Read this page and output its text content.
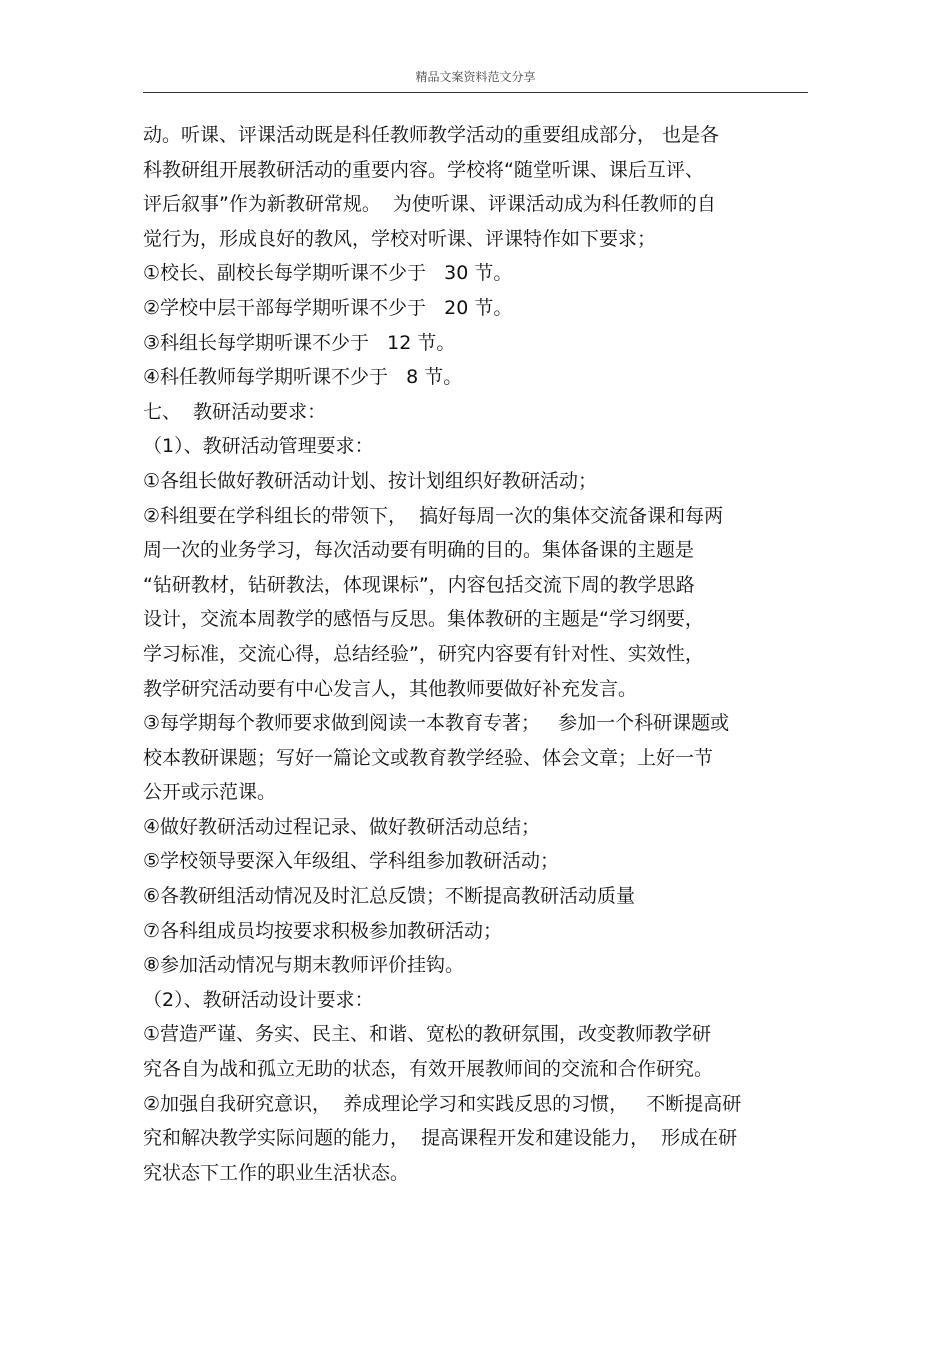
精品文案资料范文分享
动。听课、评课活动既是科任教师教学活动的重要组成部分， 也是各
科教研组开展教研活动的重要内容。学校将“随堂听课、课后互评、
评后叙事”作为新教研常规。  为使听课、评课活动成为科任教师的自
觉行为，形成良好的教风，学校对听课、评课特作如下要求；
①校长、副校长每学期听课不少于   30 节。
②学校中层干部每学期听课不少于   20 节。
③科组长每学期听课不少于   12 节。
④科任教师每学期听课不少于   8 节。
七、  教研活动要求：
（1）、教研活动管理要求：
①各组长做好教研活动计划、按计划组织好教研活动；
②科组要在学科组长的带领下，  搞好每周一次的集体交流备课和每两
周一次的业务学习，每次活动要有明确的目的。集体备课的主题是
“钻研教材，钻研教法，体现课标”，内容包括交流下周的教学思路
设计，交流本周教学的感悟与反思。集体教研的主题是“学习纲要，
学习标准，交流心得，总结经验”，研究内容要有针对性、实效性，
教学研究活动要有中心发言人，其他教师要做好补充发言。
③每学期每个教师要求做到阅读一本教育专著；   参加一个科研课题或
校本教研课题；写好一篇论文或教育教学经验、体会文章；上好一节
公开或示范课。
④做好教研活动过程记录、做好教研活动总结；
⑤学校领导要深入年级组、学科组参加教研活动；
⑥各教研组活动情况及时汇总反馈；不断提高教研活动质量
⑦各科组成员均按要求积极参加教研活动；
⑧参加活动情况与期末教师评价挂钩。
（2）、教研活动设计要求：
①营造严谨、务实、民主、和谐、宽松的教研氛围，改变教师教学研
究各自为战和孤立无助的状态，有效开展教师间的交流和合作研究。
②加强自我研究意识，  养成理论学习和实践反思的习惯，   不断提高研
究和解决教学实际问题的能力，  提高课程开发和建设能力，  形成在研
究状态下工作的职业生活状态。
